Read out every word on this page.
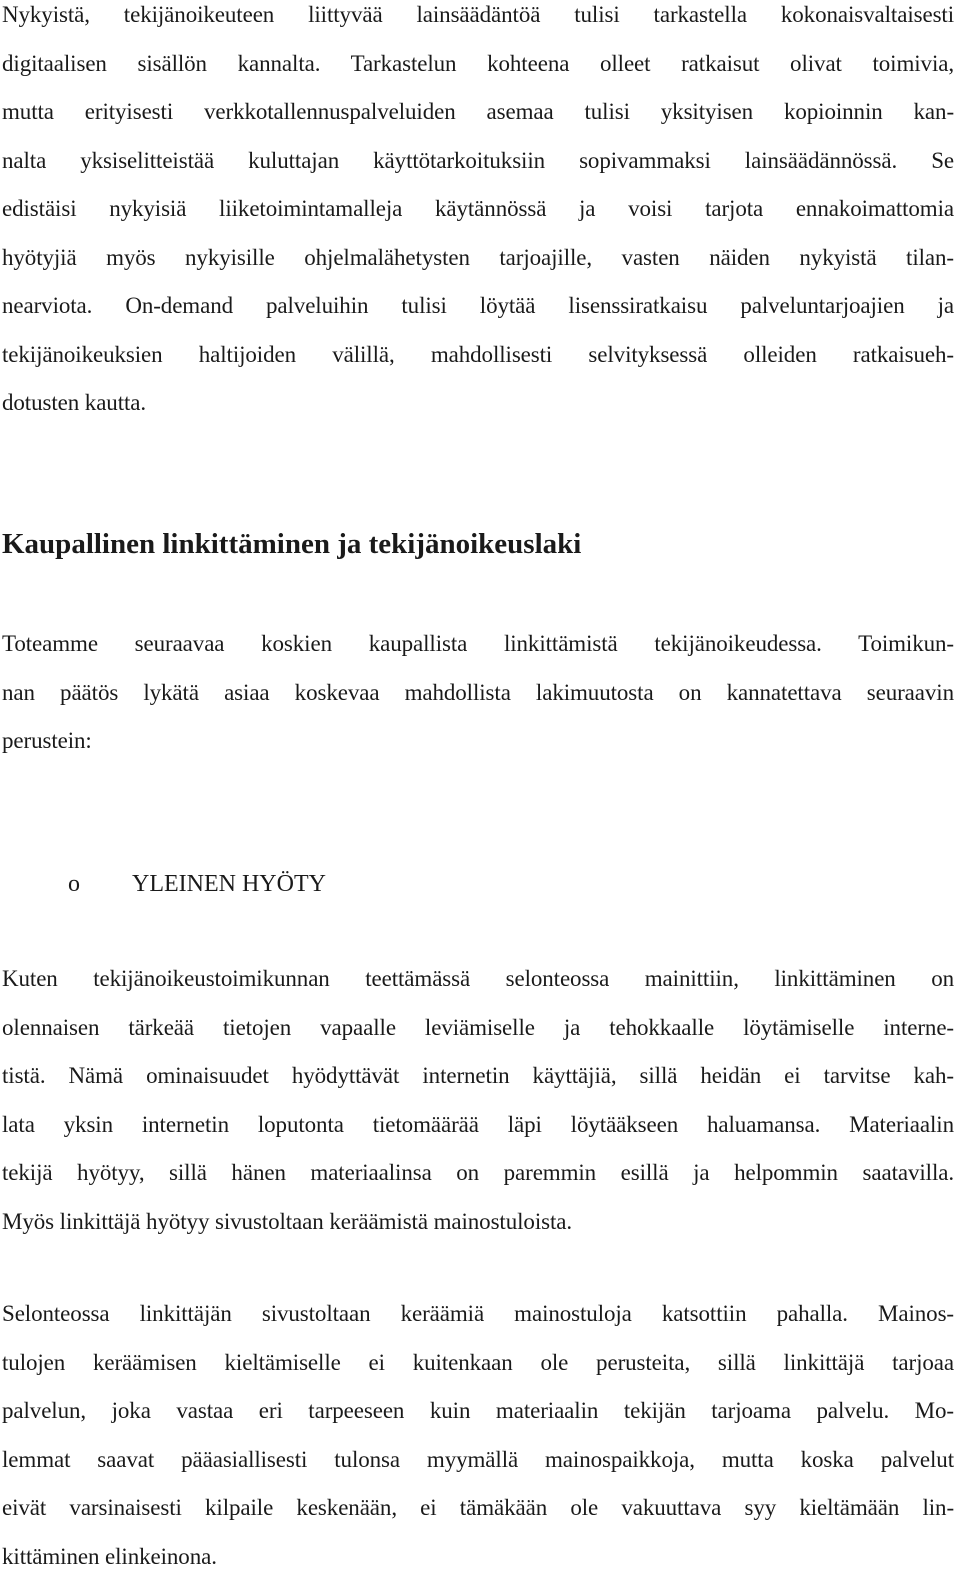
Nykyistä, tekijänoikeuteen liittyvää lainsäädäntöä tulisi tarkastella kokonaisvaltaisesti
digitaalisen sisällön kannalta. Tarkastelun kohteena olleet ratkaisut olivat toimivia,
mutta erityisesti verkkotallennuspalveluiden asemaa tulisi yksityisen kopioinnin kan-
nalta yksiselitteistää kuluttajan käyttötarkoituksiin sopivammaksi lainsäädännössä. Se
edistäisi nykyisiä liiketoimintamalleja käytännössä ja voisi tarjota ennakoimattomia
hyötyjiä myös nykyisille ohjelmalähetysten tarjoajille, vasten näiden nykyistä tilan-
nearviota. On-demand palveluihin tulisi löytää lisenssiratkaisu palveluntarjoajien ja
tekijänoikeuksien haltijoiden välillä, mahdollisesti selvityksessä olleiden ratkaisueh-
dotusten kautta.
Kaupallinen linkittäminen ja tekijänoikeuslaki
Toteamme seuraavaa koskien kaupallista linkittämistä tekijänoikeudessa. Toimikun-
nan päätös lykätä asiaa koskevaa mahdollista lakimuutosta on kannatettava seuraavin
perustein:
o YLEINEN HYÖTY
Kuten tekijänoikeustoimikunnan teettämässä selonteossa mainittiin, linkittäminen on
olennaisen tärkeää tietojen vapaalle leviämiselle ja tehokkaalle löytämiselle interne-
tistä. Nämä ominaisuudet hyödyttävät internetin käyttäjiä, sillä heidän ei tarvitse kah-
lata yksin internetin loputonta tietomäärää läpi löytääkseen haluamansa. Materiaalin
tekijä hyötyy, sillä hänen materiaalinsa on paremmin esillä ja helpommin saatavilla.
Myös linkittäjä hyötyy sivustoltaan keräämistä mainostuloista.
Selonteossa linkittäjän sivustoltaan keräämiä mainostuloja katsottiin pahalla. Mainos-
tulojen keräämisen kieltämiselle ei kuitenkaan ole perusteita, sillä linkittäjä tarjoaa
palvelun, joka vastaa eri tarpeeseen kuin materiaalin tekijän tarjoama palvelu. Mo-
lemmat saavat pääasiallisesti tulonsa myymällä mainospaikkoja, mutta koska palvelut
eivät varsinaisesti kilpaile keskenään, ei tämäkään ole vakuuttava syy kieltämään lin-
kittäminen elinkeinona.
